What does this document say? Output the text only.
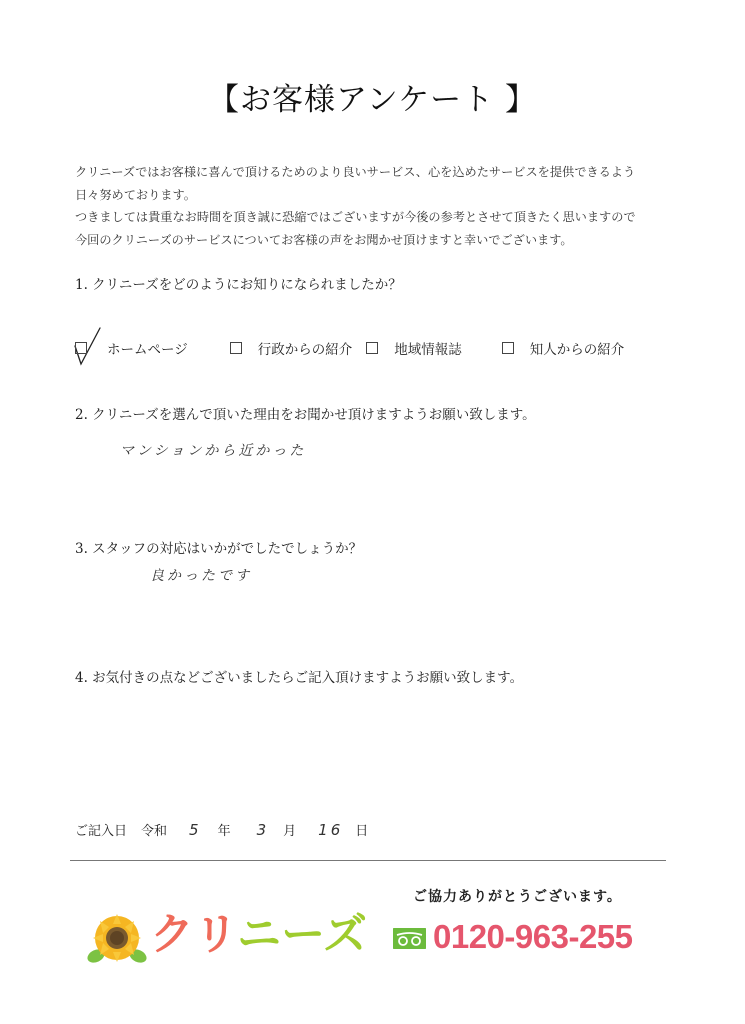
【お客様アンケート 】
クリニーズではお客様に喜んで頂けるためのより良いサービス、心を込めたサービスを提供できるよう
日々努めております。
つきましては貴重なお時間を頂き誠に恐縮ではございますが今後の参考とさせて頂きたく思いますので
今回のクリニーズのサービスについてお客様の声をお聞かせ頂けますと幸いでございます。
1. クリニーズをどのようにお知りになられましたか？
ホームページ	行政からの紹介	地域情報誌	知人からの紹介
2. クリニーズを選んで頂いた理由をお聞かせ頂けますようお願い致します。
マンションから近かった
3. スタッフの対応はいかがでしたでしょうか？
良かったです
4. お気付きの点などございましたらご記入頂けますようお願い致します。
ご記入日 令和 5 年 3 月 16 日
ご協力ありがとうございます。
クリニーズ 0120-963-255
